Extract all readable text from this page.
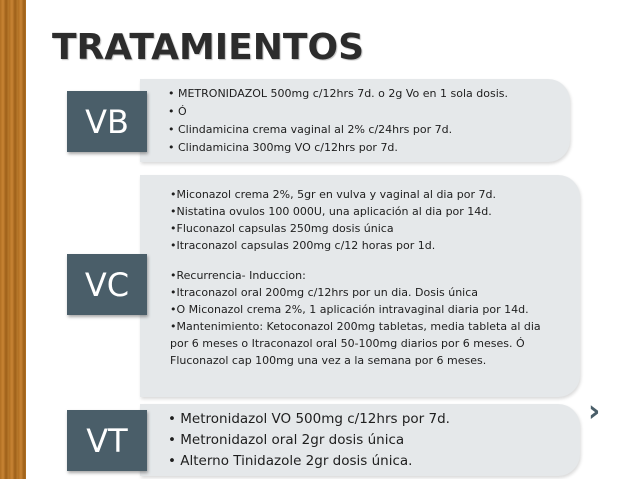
TRATAMIENTOS
• METRONIDAZOL 500mg c/12hrs 7d. o 2g Vo en 1 sola dosis.
• Ó
• Clindamicina crema vaginal al 2% c/24hrs por 7d.
• Clindamicina 300mg VO c/12hrs por 7d.
VB
•Miconazol crema 2%, 5gr en vulva y vaginal al dia por 7d.
•Nistatina ovulos 100 000U, una aplicación al dia por 14d.
•Fluconazol capsulas 250mg dosis única
•Itraconazol capsulas 200mg c/12 horas por 1d.
•Recurrencia- Induccion:
•Itraconazol oral 200mg c/12hrs por un dia. Dosis única
•O Miconazol crema 2%, 1 aplicación intravaginal diaria por 14d.
•Mantenimiento: Ketoconazol 200mg tabletas, media tableta al dia por 6 meses o Itraconazol oral 50-100mg diarios por 6 meses. Ó Fluconazol cap 100mg una vez a la semana por 6 meses.
VC
• Metronidazol VO 500mg c/12hrs por 7d.
• Metronidazol oral 2gr dosis única
• Alterno Tinidazole 2gr dosis única.
VT
›
